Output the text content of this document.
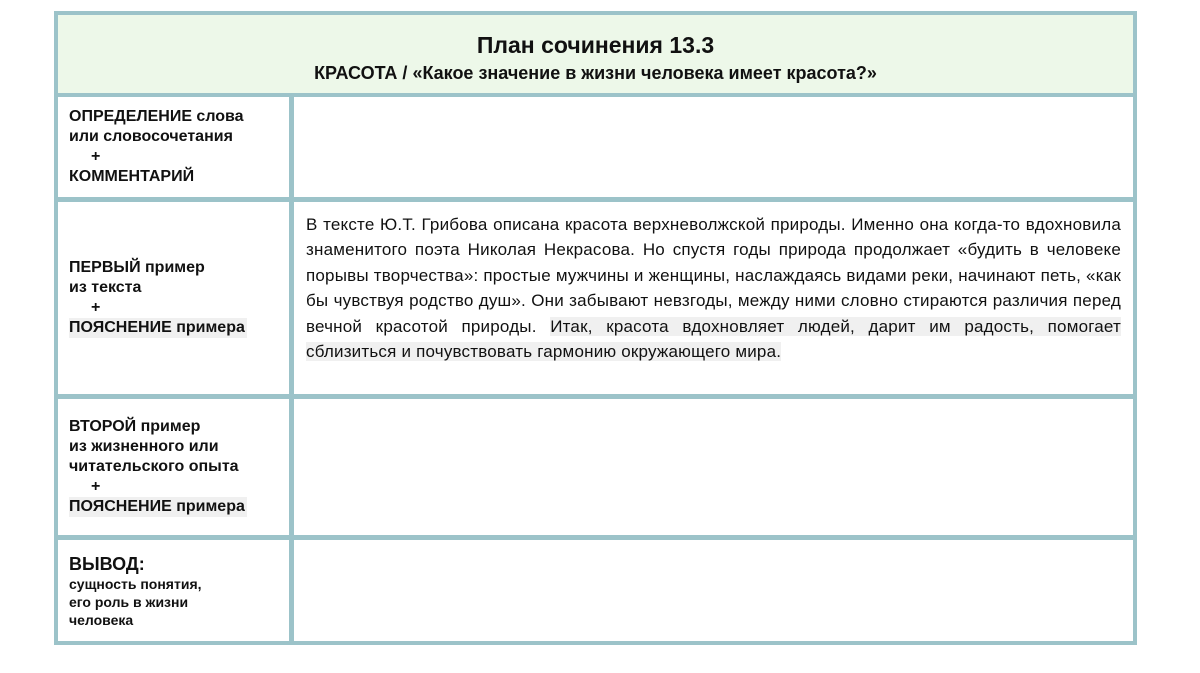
План сочинения 13.3
КРАСОТА / «Какое значение в жизни человека имеет красота?»
ОПРЕДЕЛЕНИЕ слова
или словосочетания
+
КОММЕНТАРИЙ
ПЕРВЫЙ пример
из текста
+
ПОЯСНЕНИЕ примера
В тексте Ю.Т. Грибова описана красота верхневолжской природы. Именно она когда-то вдохновила знаменитого поэта Николая Некрасова. Но спустя годы природа продолжает «будить в человеке порывы творчества»: простые мужчины и женщины, наслаждаясь видами реки, начинают петь, «как бы чувствуя родство душ». Они забывают невзгоды, между ними словно стираются различия перед вечной красотой природы. Итак, красота вдохновляет людей, дарит им радость, помогает сблизиться и почувствовать гармонию окружающего мира.
ВТОРОЙ пример
из жизненного или
читательского опыта
+
ПОЯСНЕНИЕ примера
ВЫВОД:
сущность понятия,
его роль в жизни
человека
